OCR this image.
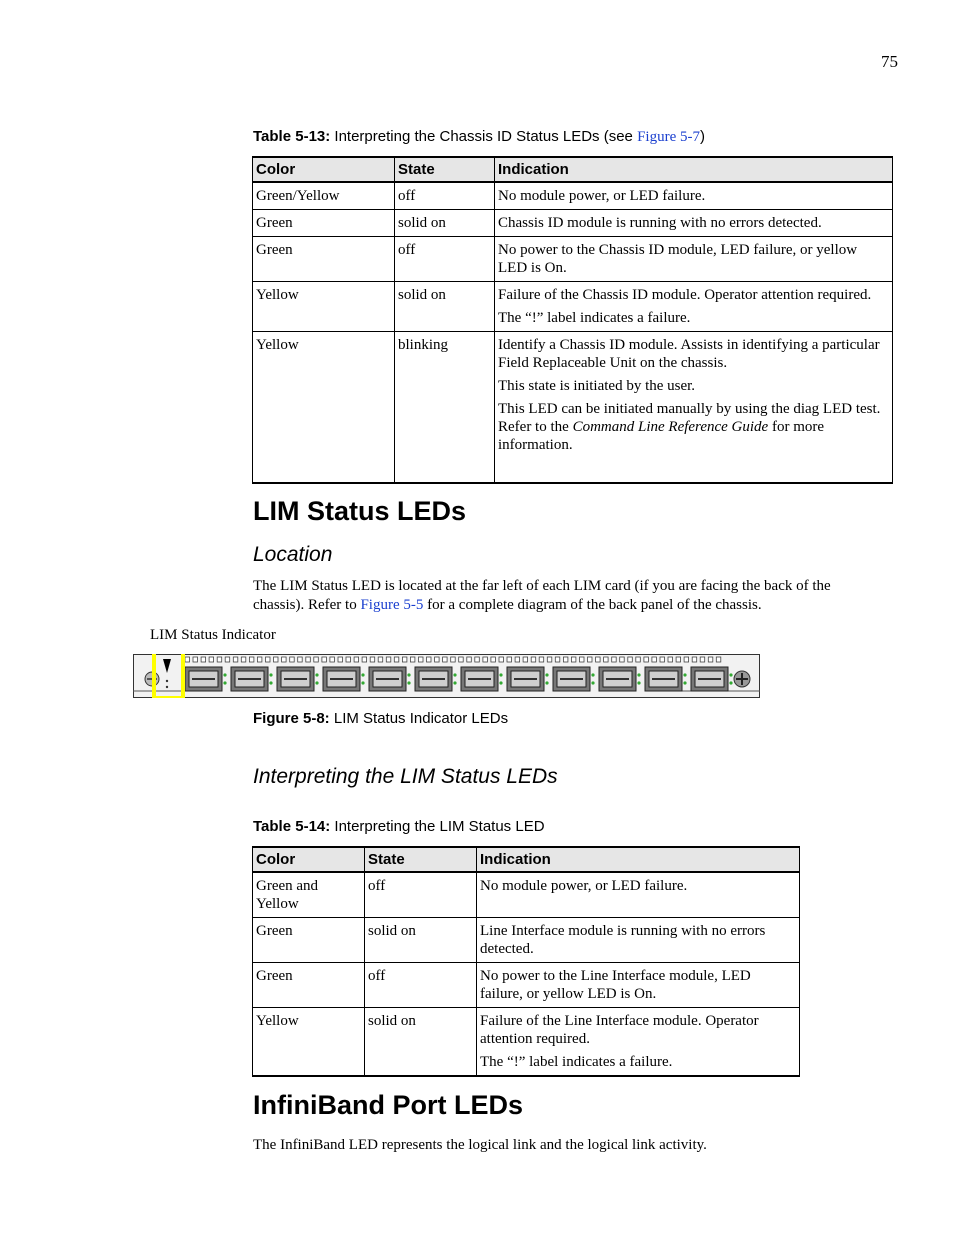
75
Table 5-13: Interpreting the Chassis ID Status LEDs (see Figure 5-7)
Color	State	Indication
Green/Yellow	off	No module power, or LED failure.

Green	solid on	Chassis ID module is running with no errors detected.

Green	off	No power to the Chassis ID module, LED failure, or yellow LED is On.

Yellow	solid on	Failure of the Chassis ID module. Operator attention required.

The “!” label indicates a failure.

Yellow	blinking	Identify a Chassis ID module. Assists in identifying a particular Field Replaceable Unit on the chassis.

This state is initiated by the user.

This LED can be initiated manually by using the diag LED test. Refer to the Command Line Reference Guide for more information.

LIM Status LEDs
Location

The LIM Status LED is located at the far left of each LIM card (if you are facing the back of the chassis). Refer to Figure 5-5 for a complete diagram of the back panel of the chassis.

LIM Status Indicator
Figure 5-8: LIM Status Indicator LEDs
Interpreting the LIM Status LEDs
Table 5-14: Interpreting the LIM Status LED
Color	State	Indication
Green and Yellow	off	No module power, or LED failure.

Green	solid on	Line Interface module is running with no errors detected.

Green	off	No power to the Line Interface module, LED failure, or yellow LED is On.

Yellow	solid on	Failure of the Line Interface module. Operator attention required.

The “!” label indicates a failure.

InfiniBand Port LEDs

The InfiniBand LED represents the logical link and the logical link activity.
